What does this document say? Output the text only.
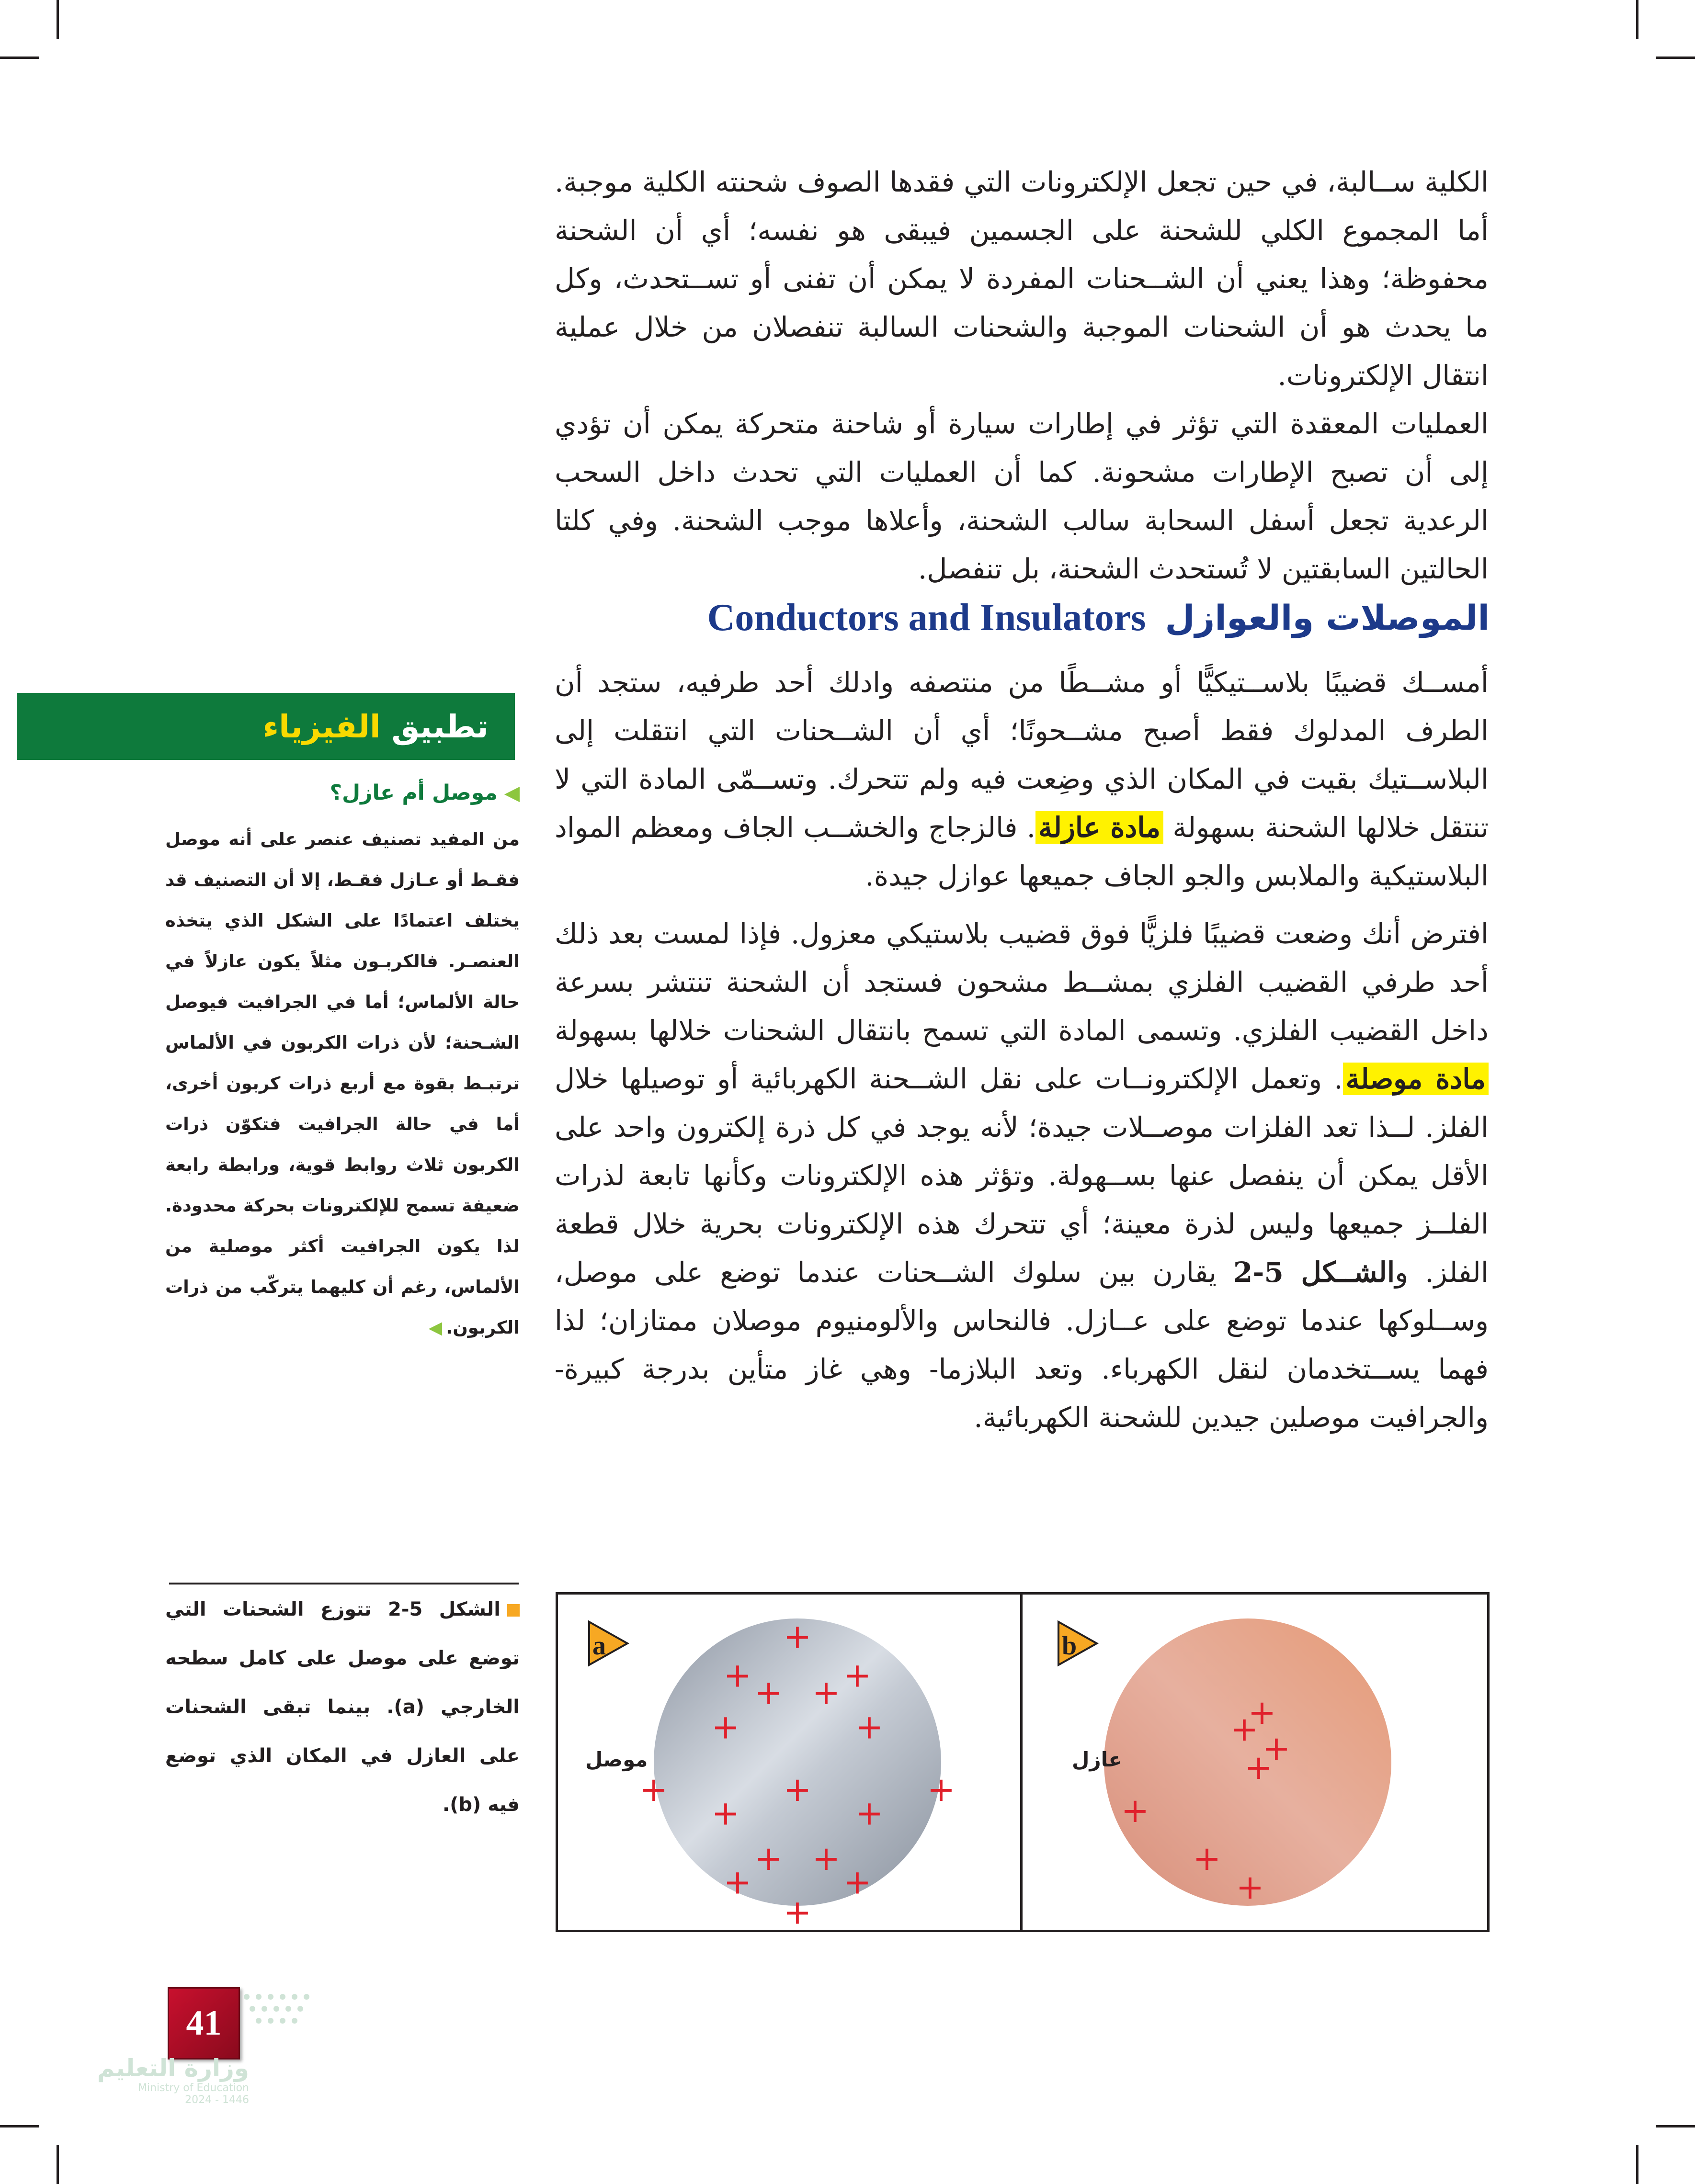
الكلية ســالبة، في حين تجعل الإلكترونات التي فقدها الصوف شحنته الكلية موجبة. أما المجموع الكلي للشحنة على الجسمين فيبقى هو نفسه؛ أي أن الشحنة محفوظة؛ وهذا يعني أن الشــحنات المفردة لا يمكن أن تفنى أو تســتحدث، وكل ما يحدث هو أن الشحنات الموجبة والشحنات السالبة تنفصلان من خلال عملية انتقال الإلكترونات.

العمليات المعقدة التي تؤثر في إطارات سيارة أو شاحنة متحركة يمكن أن تؤدي إلى أن تصبح الإطارات مشحونة. كما أن العمليات التي تحدث داخل السحب الرعدية تجعل أسفل السحابة سالب الشحنة، وأعلاها موجب الشحنة. وفي كلتا الحالتين السابقتين لا تُستحدث الشحنة، بل تنفصل.

Conductors and Insulators الموصلات والعوازل

أمســك قضيبًا بلاســتيكيًّا أو مشــطًا من منتصفه وادلك أحد طرفيه، ستجد أن الطرف المدلوك فقط أصبح مشــحونًا؛ أي أن الشــحنات التي انتقلت إلى البلاســتيك بقيت في المكان الذي وضِعت فيه ولم تتحرك. وتســمّى المادة التي لا تنتقل خلالها الشحنة بسهولة مادة عازلة. فالزجاج والخشــب الجاف ومعظم المواد البلاستيكية والملابس والجو الجاف جميعها عوازل جيدة.

افترض أنك وضعت قضيبًا فلزيًّا فوق قضيب بلاستيكي معزول. فإذا لمست بعد ذلك أحد طرفي القضيب الفلزي بمشــط مشحون فستجد أن الشحنة تنتشر بسرعة داخل القضيب الفلزي. وتسمى المادة التي تسمح بانتقال الشحنات خلالها بسهولة مادة موصلة. وتعمل الإلكترونــات على نقل الشــحنة الكهربائية أو توصيلها خلال الفلز. لــذا تعد الفلزات موصــلات جيدة؛ لأنه يوجد في كل ذرة إلكترون واحد على الأقل يمكن أن ينفصل عنها بســهولة. وتؤثر هذه الإلكترونات وكأنها تابعة لذرات الفلــز جميعها وليس لذرة معينة؛ أي تتحرك هذه الإلكترونات بحرية خلال قطعة الفلز. والشــكل 5-2 يقارن بين سلوك الشــحنات عندما توضع على موصل، وســلوكها عندما توضع على عــازل. فالنحاس والألومنيوم موصلان ممتازان؛ لذا فهما يســتخدمان لنقل الكهرباء. وتعد البلازما- وهي غاز متأين بدرجة كبيرة- والجرافيت موصلين جيدين للشحنة الكهربائية.

تطبيق

الفيزياء
◀موصل أم عازل؟
من المفيد تصنيف عنصر على أنه موصل فقـط أو عـازل فقـط، إلا أن التصنيف قد يختلف اعتمادًا على الشكل الذي يتخذه العنصـر. فالكربـون مثلاً يكون عازلاً في حالة الألماس؛ أما في الجرافيت فيوصل الشـحنة؛ لأن ذرات الكربون في الألماس ترتبـط بقوة مع أربع ذرات كربون أخرى، أما في حالة الجرافيت فتكوّن ذرات الكربون ثلاث روابط قوية، ورابطة رابعة ضعيفة تسمح للإلكترونات بحركة محدودة. لذا يكون الجرافيت أكثر موصلية من الألماس، رغم أن كليهما يتركّب من ذرات الكربون.◀
الشكل 5-2 تتوزع الشحنات التي توضع على موصل على كامل سطحه الخارجي (a). بينما تبقى الشحنات على العازل في المكان الذي توضع فيه (b).
+
+	+
+ +
+	+
+	+	+
+	+
+ +
+	+
+
+
+ +
+
+
+
+
a	b
موصل	عازل
41
وزارة التعليم
Ministry of Education
2024 - 1446
